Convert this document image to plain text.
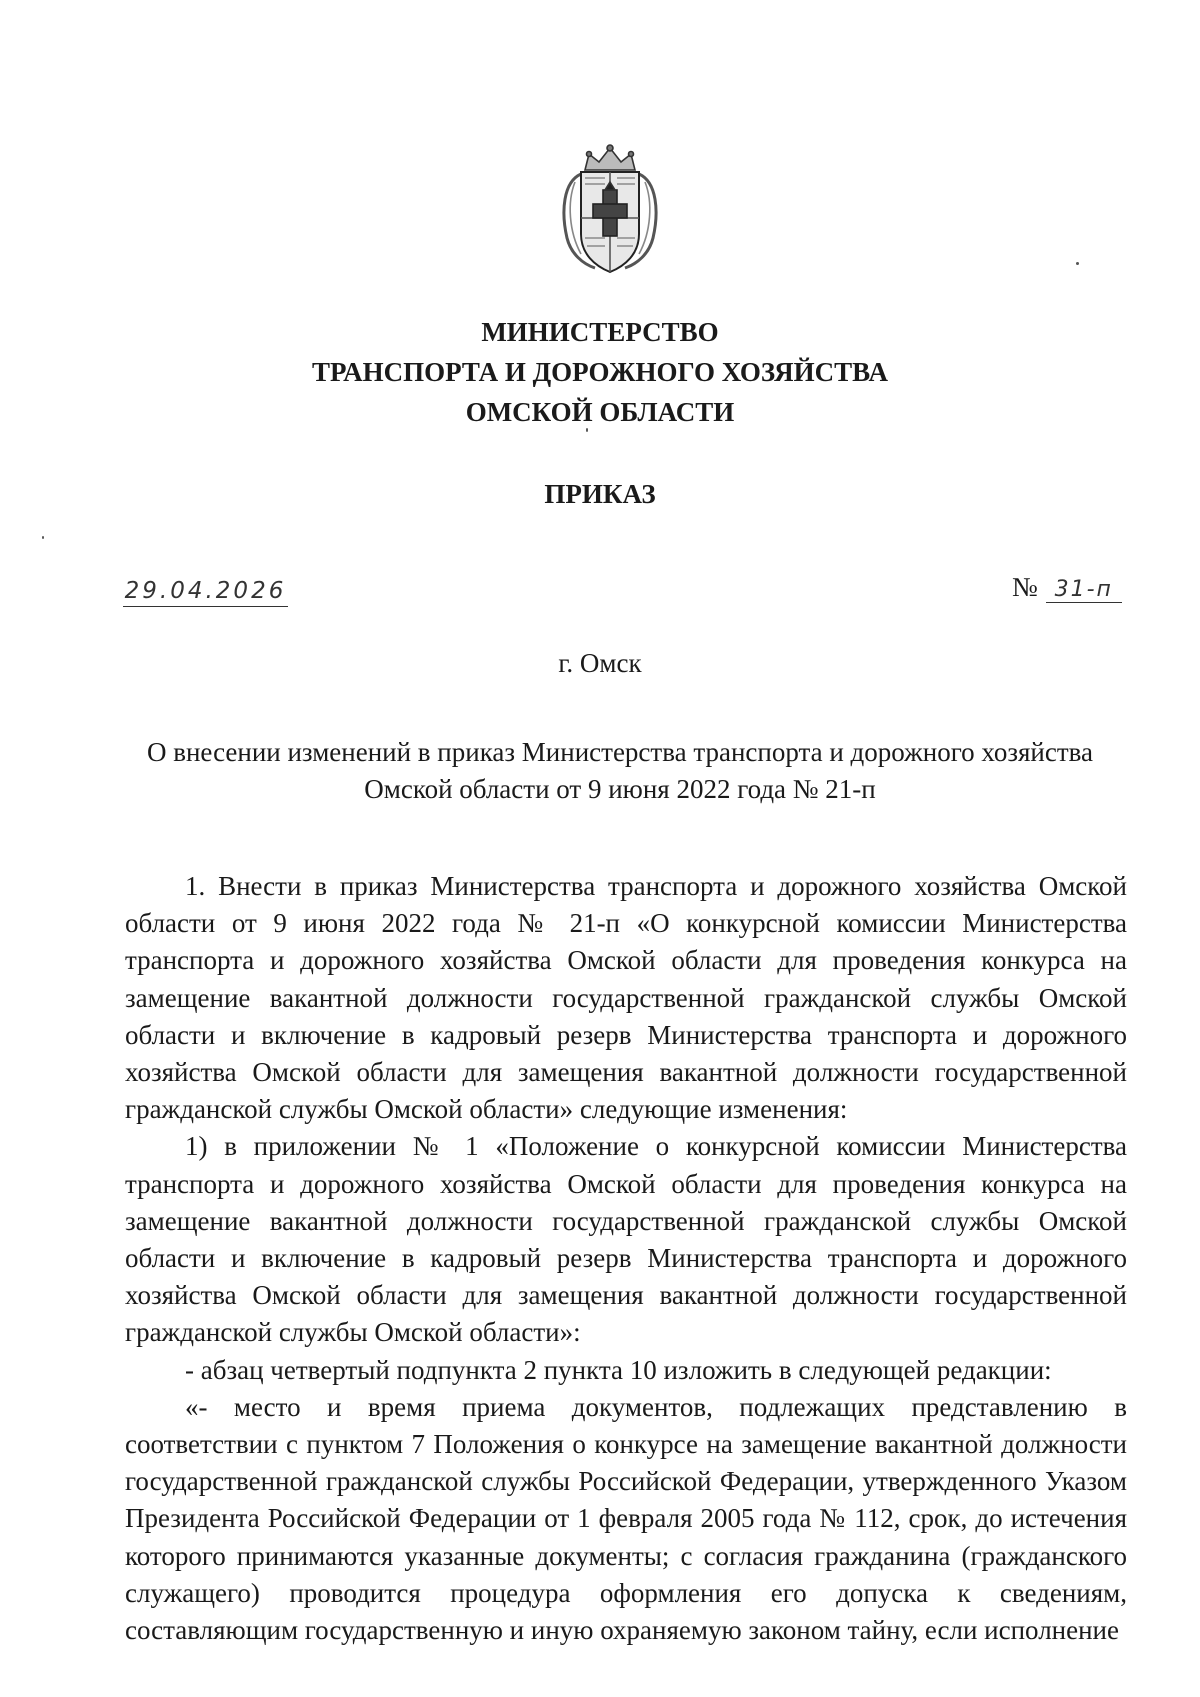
МИНИСТЕРСТВО
ТРАНСПОРТА И ДОРОЖНОГО ХОЗЯЙСТВА
ОМСКОЙ ОБЛАСТИ
ПРИКАЗ
29.04.2026	№ 31-п
г. Омск
О внесении изменений в приказ Министерства транспорта и дорожного хозяйства
Омской области от 9 июня 2022 года № 21-п

1. Внести в приказ Министерства транспорта и дорожного хозяйства Омской области от 9 июня 2022 года № 21-п «О конкурсной комиссии Министерства транспорта и дорожного хозяйства Омской области для проведения конкурса на замещение вакантной должности государственной гражданской службы Омской области и включение в кадровый резерв Министерства транспорта и дорожного хозяйства Омской области для замещения вакантной должности государственной гражданской службы Омской области» следующие изменения:

1) в приложении № 1 «Положение о конкурсной комиссии Министерства транспорта и дорожного хозяйства Омской области для проведения конкурса на замещение вакантной должности государственной гражданской службы Омской области и включение в кадровый резерв Министерства транспорта и дорожного хозяйства Омской области для замещения вакантной должности государственной гражданской службы Омской области»:

- абзац четвертый подпункта 2 пункта 10 изложить в следующей редакции:

«- место и время приема документов, подлежащих представлению в соответствии с пунктом 7 Положения о конкурсе на замещение вакантной должности государственной гражданской службы Российской Федерации, утвержденного Указом Президента Российской Федерации от 1 февраля 2005 года № 112, срок, до истечения которого принимаются указанные документы; с согласия гражданина (гражданского служащего) проводится процедура оформления его допуска к сведениям, составляющим государственную и иную охраняемую законом тайну, если исполнение
